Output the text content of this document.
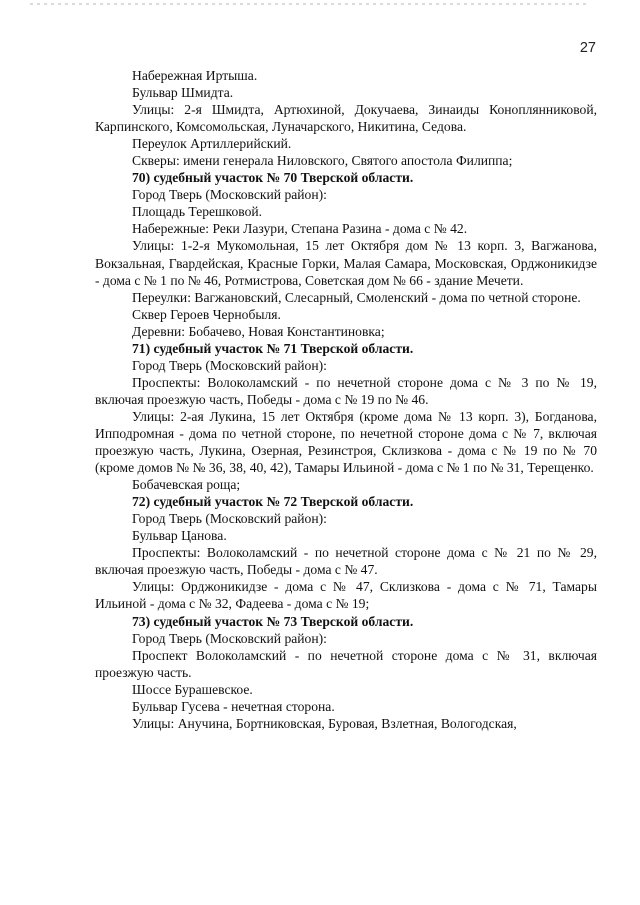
27

Набережная Иртыша.

Бульвар Шмидта.

Улицы: 2-я Шмидта, Артюхиной, Докучаева, Зинаиды Коноплянниковой, Карпинского, Комсомольская, Луначарского, Никитина, Седова.

Переулок Артиллерийский.

Скверы: имени генерала Ниловского, Святого апостола Филиппа;

70) судебный участок № 70 Тверской области.

Город Тверь (Московский район):

Площадь Терешковой.

Набережные: Реки Лазури, Степана Разина - дома с № 42.

Улицы: 1-2-я Мукомольная, 15 лет Октября дом № 13 корп. 3, Вагжанова, Вокзальная, Гвардейская, Красные Горки, Малая Самара, Московская, Орджоникидзе - дома с № 1 по № 46, Ротмистрова, Советская дом № 66 - здание Мечети.

Переулки: Вагжановский, Слесарный, Смоленский - дома по четной стороне.

Сквер Героев Чернобыля.

Деревни: Бобачево, Новая Константиновка;

71) судебный участок № 71 Тверской области.

Город Тверь (Московский район):

Проспекты: Волоколамский - по нечетной стороне дома с № 3 по № 19, включая проезжую часть, Победы - дома с № 19 по № 46.

Улицы: 2-ая Лукина, 15 лет Октября (кроме дома № 13 корп. 3), Богданова, Ипподромная - дома по четной стороне, по нечетной стороне дома с № 7, включая проезжую часть, Лукина, Озерная, Резинстроя, Склизкова - дома с № 19 по № 70 (кроме домов № № 36, 38, 40, 42), Тамары Ильиной - дома с № 1 по № 31, Терещенко.

Бобачевская роща;

72) судебный участок № 72 Тверской области.

Город Тверь (Московский район):

Бульвар Цанова.

Проспекты: Волоколамский - по нечетной стороне дома с № 21 по № 29, включая проезжую часть, Победы - дома с № 47.

Улицы: Орджоникидзе - дома с № 47, Склизкова - дома с № 71, Тамары Ильиной - дома с № 32, Фадеева - дома с № 19;

73) судебный участок № 73 Тверской области.

Город Тверь (Московский район):

Проспект Волоколамский - по нечетной стороне дома с № 31, включая проезжую часть.

Шоссе Бурашевское.

Бульвар Гусева - нечетная сторона.

Улицы: Анучина, Бортниковская, Буровая, Взлетная, Вологодская,
